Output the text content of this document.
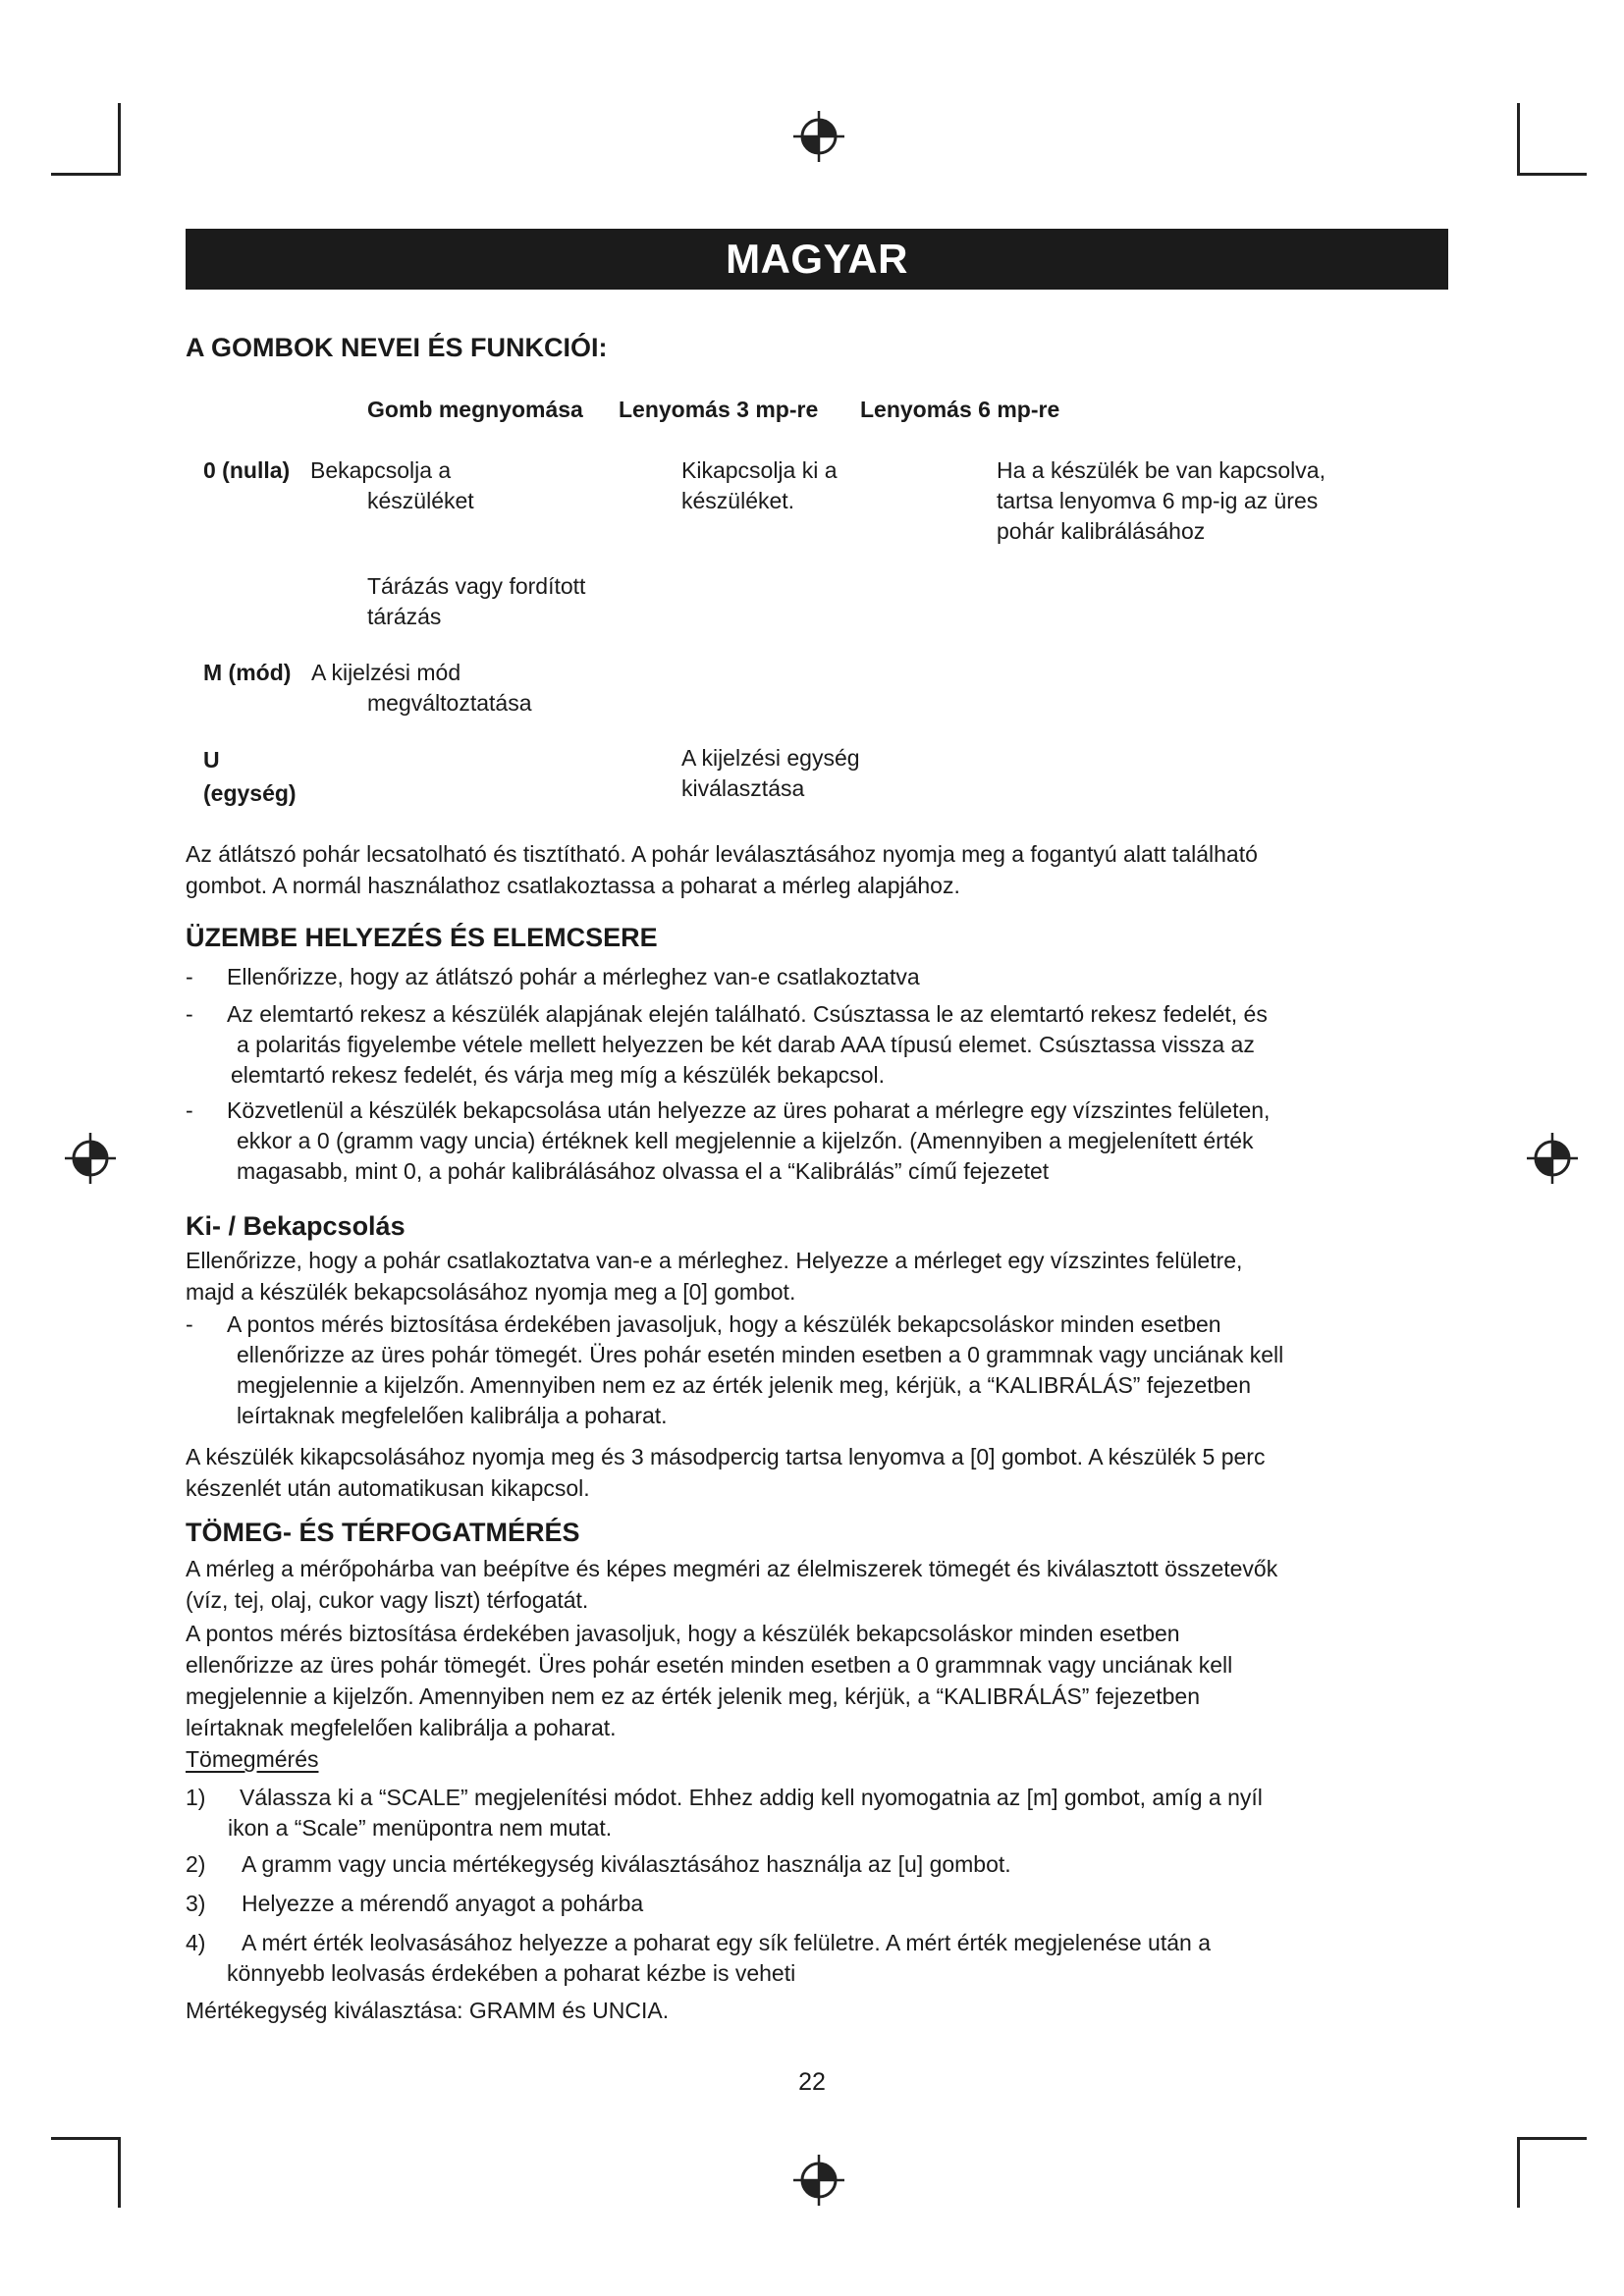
MAGYAR
A GOMBOK NEVEI ÉS FUNKCIÓI:
Gomb megnyomása Lenyomás 3 mp-re Lenyomás 6 mp-re
0 (nulla) Bekapcsolja a
készüléket
Kikapcsolja ki a
készüléket.
Ha a készülék be van kapcsolva,
tartsa lenyomva 6 mp-ig az üres
pohár kalibrálásához
Tárázás vagy fordított
tárázás
M (mód) A kijelzési mód
megváltoztatása
U
(egység)
A kijelzési egység
kiválasztása
Az átlátszó pohár lecsatolható és tisztítható. A pohár leválasztásához nyomja meg a fogantyú alatt található
gombot. A normál használathoz csatlakoztassa a poharat a mérleg alapjához.
ÜZEMBE HELYEZÉS ÉS ELEMCSERE
- Ellenőrizze, hogy az átlátszó pohár a mérleghez van-e csatlakoztatva
- Az elemtartó rekesz a készülék alapjának elején található. Csúsztassa le az elemtartó rekesz fedelét, és
a polaritás figyelembe vétele mellett helyezzen be két darab AAA típusú elemet. Csúsztassa vissza az
elemtartó rekesz fedelét, és várja meg míg a készülék bekapcsol.
- Közvetlenül a készülék bekapcsolása után helyezze az üres poharat a mérlegre egy vízszintes felületen,
ekkor a 0 (gramm vagy uncia) értéknek kell megjelennie a kijelzőn. (Amennyiben a megjelenített érték
magasabb, mint 0, a pohár kalibrálásához olvassa el a “Kalibrálás” című fejezetet
Ki- / Bekapcsolás
Ellenőrizze, hogy a pohár csatlakoztatva van-e a mérleghez. Helyezze a mérleget egy vízszintes felületre,
majd a készülék bekapcsolásához nyomja meg a [0] gombot.
- A pontos mérés biztosítása érdekében javasoljuk, hogy a készülék bekapcsoláskor minden esetben
ellenőrizze az üres pohár tömegét. Üres pohár esetén minden esetben a 0 grammnak vagy unciának kell
megjelennie a kijelzőn. Amennyiben nem ez az érték jelenik meg, kérjük, a “KALIBRÁLÁS” fejezetben
leírtaknak megfelelően kalibrálja a poharat.
A készülék kikapcsolásához nyomja meg és 3 másodpercig tartsa lenyomva a [0] gombot. A készülék 5 perc
készenlét után automatikusan kikapcsol.
TÖMEG- ÉS TÉRFOGATMÉRÉS
A mérleg a mérőpohárba van beépítve és képes megméri az élelmiszerek tömegét és kiválasztott összetevők
(víz, tej, olaj, cukor vagy liszt) térfogatát.
A pontos mérés biztosítása érdekében javasoljuk, hogy a készülék bekapcsoláskor minden esetben
ellenőrizze az üres pohár tömegét. Üres pohár esetén minden esetben a 0 grammnak vagy unciának kell
megjelennie a kijelzőn. Amennyiben nem ez az érték jelenik meg, kérjük, a “KALIBRÁLÁS” fejezetben
leírtaknak megfelelően kalibrálja a poharat.
Tömegmérés
1) Válassza ki a “SCALE” megjelenítési módot. Ehhez addig kell nyomogatnia az [m] gombot, amíg a nyíl
ikon a “Scale” menüpontra nem mutat.
2) A gramm vagy uncia mértékegység kiválasztásához használja az [u] gombot.
3) Helyezze a mérendő anyagot a pohárba
4) A mért érték leolvasásához helyezze a poharat egy sík felületre. A mért érték megjelenése után a
könnyebb leolvasás érdekében a poharat kézbe is veheti
Mértékegység kiválasztása: GRAMM és UNCIA.
22
